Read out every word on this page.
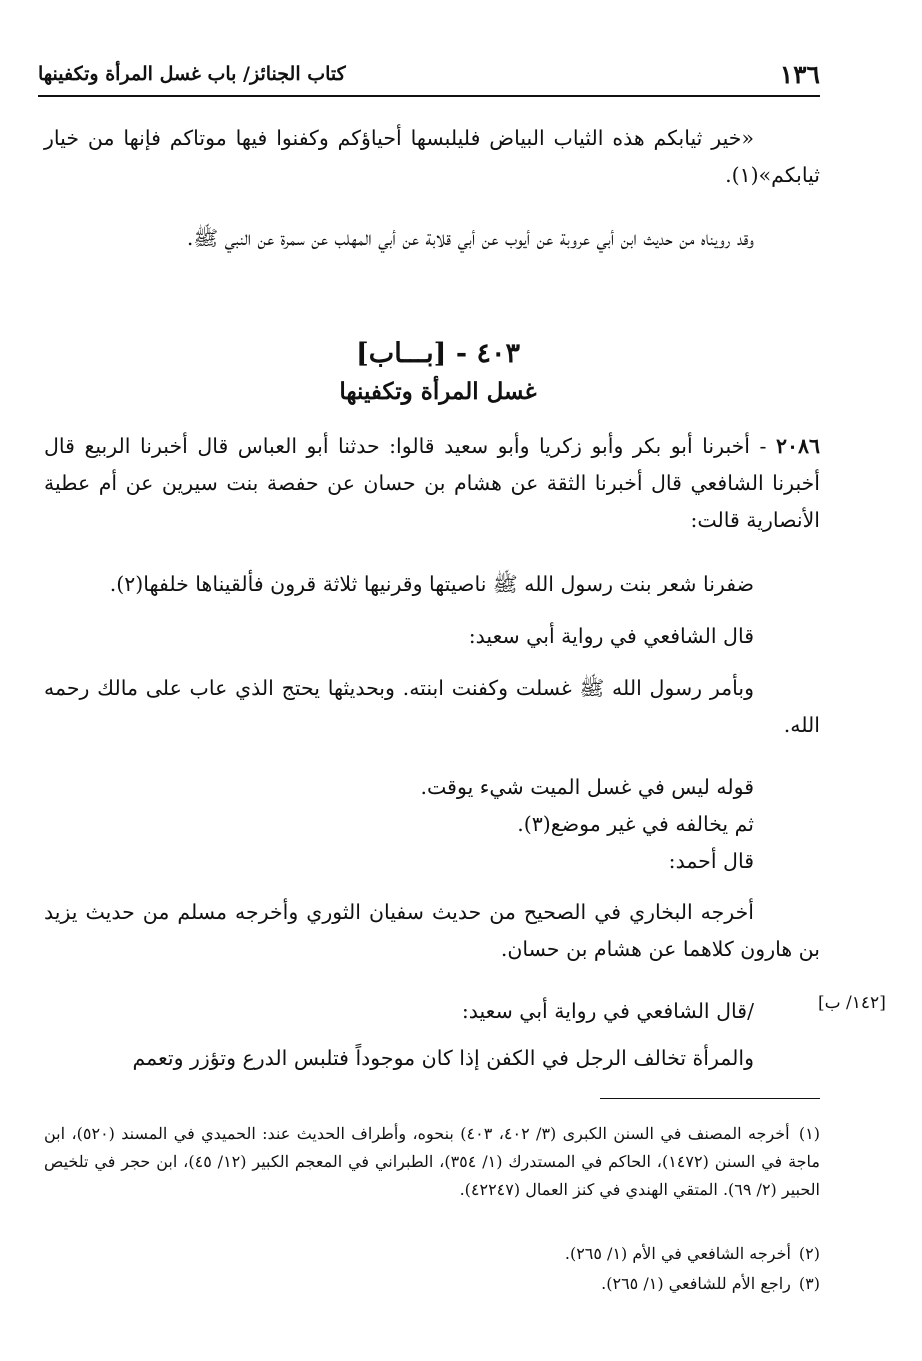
١٣٦
كتاب الجنائز/ باب غسل المرأة وتكفينها
«خير ثيابكم هذه الثياب البياض فليلبسها أحياؤكم وكفنوا فيها موتاكم فإنها من خيار ثيابكم»(١).
وقد رويناه من حديث ابن أبي عروبة عن أيوب عن أبي قلابة عن أبي المهلب عن سمرة عن النبي ﷺ.
٤٠٣ - [بـــاب]
غسل المرأة وتكفينها
٢٠٨٦ - أخبرنا أبو بكر وأبو زكريا وأبو سعيد قالوا: حدثنا أبو العباس قال أخبرنا الربيع قال أخبرنا الشافعي قال أخبرنا الثقة عن هشام بن حسان عن حفصة بنت سيرين عن أم عطية الأنصارية قالت:
ضفرنا شعر بنت رسول الله ﷺ ناصيتها وقرنيها ثلاثة قرون فألقيناها خلفها(٢).
قال الشافعي في رواية أبي سعيد:
وبأمر رسول الله ﷺ غسلت وكفنت ابنته. وبحديثها يحتج الذي عاب على مالك رحمه الله.
قوله ليس في غسل الميت شيء يوقت.
ثم يخالفه في غير موضع(٣).
قال أحمد:
أخرجه البخاري في الصحيح من حديث سفيان الثوري وأخرجه مسلم من حديث يزيد بن هارون كلاهما عن هشام بن حسان.
/قال الشافعي في رواية أبي سعيد:	[١٤٢/ ب]
والمرأة تخالف الرجل في الكفن إذا كان موجوداً فتلبس الدرع وتؤزر وتعمم
(١) أخرجه المصنف في السنن الكبرى (٣/ ٤٠٢، ٤٠٣) بنحوه، وأطراف الحديث عند: الحميدي في المسند (٥٢٠)، ابن ماجة في السنن (١٤٧٢)، الحاكم في المستدرك (١/ ٣٥٤)، الطبراني في المعجم الكبير (١٢/ ٤٥)، ابن حجر في تلخيص الحبير (٢/ ٦٩). المتقي الهندي في كنز العمال (٤٢٢٤٧).
(٢) أخرجه الشافعي في الأم (١/ ٢٦٥).
(٣) راجع الأم للشافعي (١/ ٢٦٥).
